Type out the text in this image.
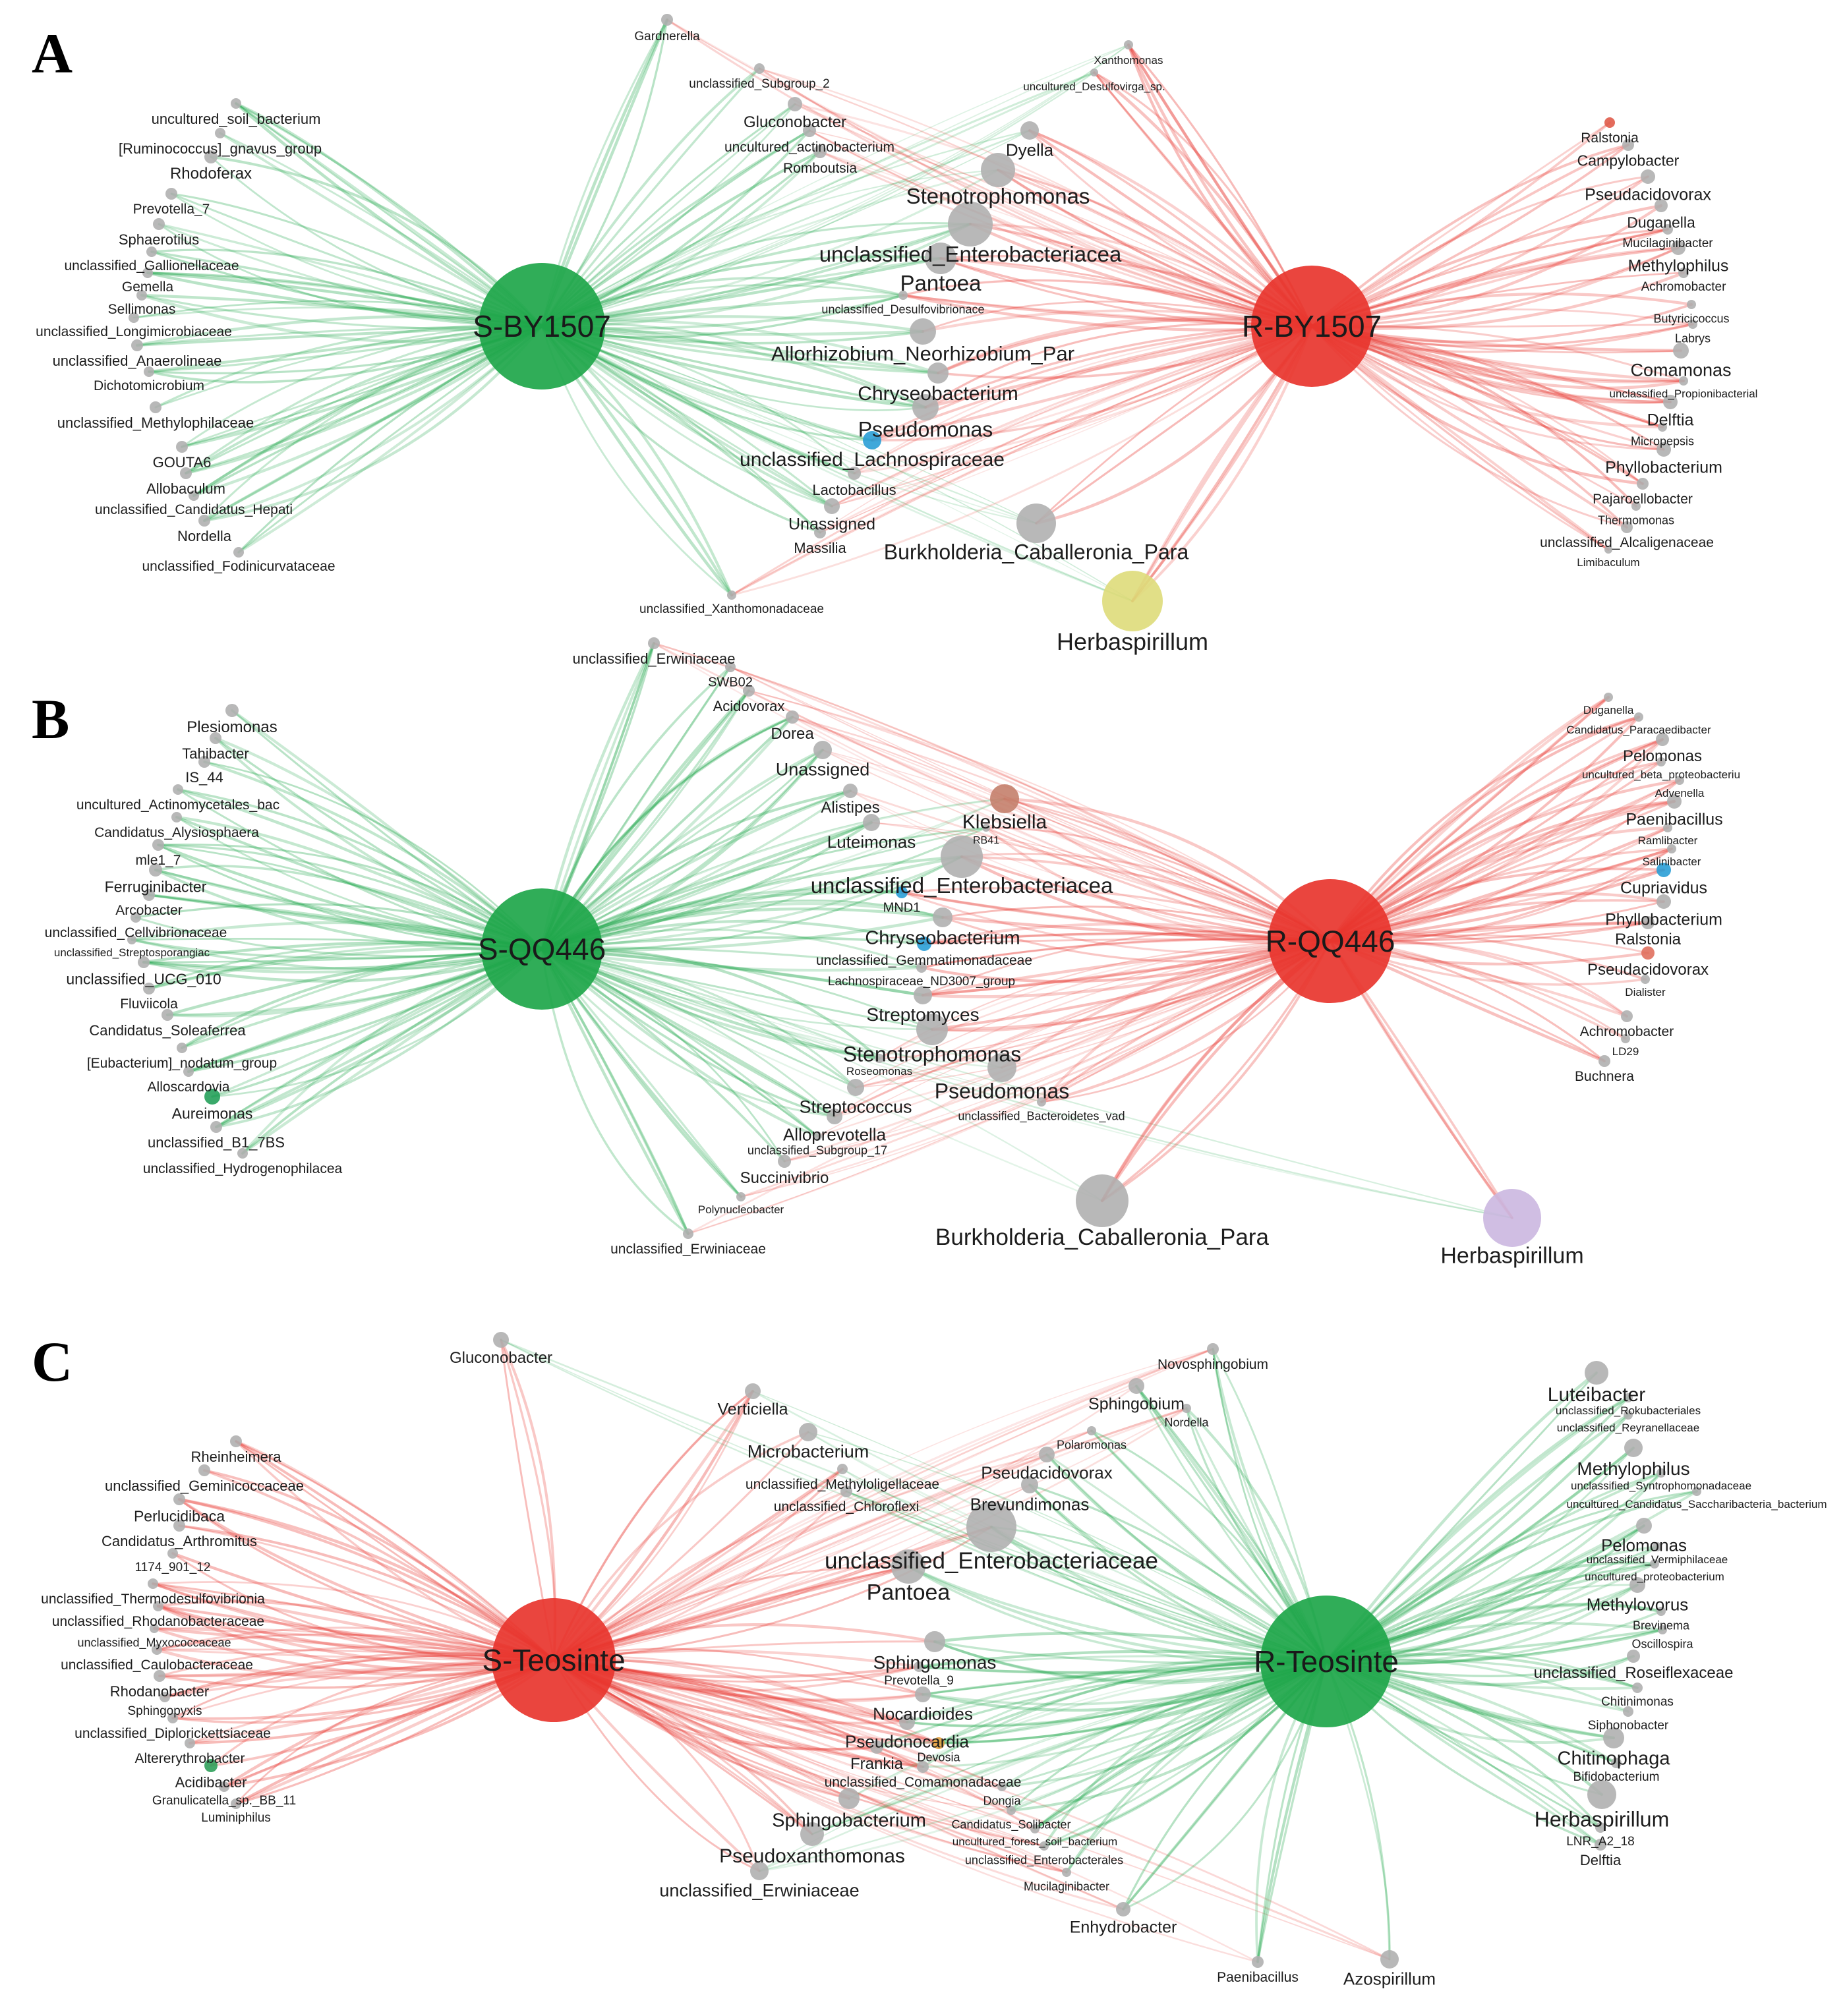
A
S-BY1507	R-BY1507
Gardnerella
Xanthomonas
uncultured_Desulfovirga_sp.
unclassified_Subgroup_2
Gluconobacter
uncultured_actinobacterium
Romboutsia
Dyella
Stenotrophomonas
unclassified_Enterobacteriacea
Pantoea
unclassified_Desulfovibrionace
Allorhizobium_Neorhizobium_Par
Chryseobacterium
Pseudomonas
unclassified_Lachnospiraceae
Lactobacillus
Unassigned
Massilia Burkholderia_Caballeronia_Para
Herbaspirillum
unclassified_Xanthomonadaceae
uncultured_soil_bacterium
[Ruminococcus]_gnavus_group
Rhodoferax
Prevotella_7
Sphaerotilus
unclassified_Gallionellaceae
Gemella
Sellimonas
unclassified_Longimicrobiaceae
unclassified_Anaerolineae
Dichotomicrobium
unclassified_Methylophilaceae
GOUTA6
Allobaculum
unclassified_Candidatus_Hepati
Nordella
unclassified_Fodinicurvataceae
Ralstonia
Campylobacter
Pseudacidovorax
Duganella
Mucilaginibacter
Methylophilus
Achromobacter
Butyricicoccus
Labrys
Comamonas
unclassified_Propionibacterial
Delftia
Micropepsis
Phyllobacterium
Pajaroellobacter
Thermomonas
unclassified_Alcaligenaceae
Limibaculum
B
S-QQ446	R-QQ446
unclassified_Erwiniaceae
SWB02
Acidovorax
Dorea
Unassigned
Alistipes
Luteimonas
Klebsiella
RB41
unclassified_Enterobacteriacea
MND1
Chryseobacterium
unclassified_Gemmatimonadaceae
Lachnospiraceae_ND3007_group
Streptomyces
Stenotrophomonas
Roseomonas
Pseudomonas
Streptococcus
Alloprevotella
unclassified_Bacteroidetes_vad
unclassified_Subgroup_17
Succinivibrio
Polynucleobacter
unclassified_Erwiniaceae	Burkholderia_Caballeronia_Para
Herbaspirillum
Plesiomonas
Tahibacter
IS_44
uncultured_Actinomycetales_bac
Candidatus_Alysiosphaera
mle1_7
Ferruginibacter
Arcobacter
unclassified_Cellvibrionaceae
unclassified_Streptosporangiac
unclassified_UCG_010
Fluviicola
Candidatus_Soleaferrea
[Eubacterium]_nodatum_group
Alloscardovia
Aureimonas
unclassified_B1_7BS
unclassified_Hydrogenophilacea
Duganella
Candidatus_Paracaedibacter
Pelomonas
uncultured_beta_proteobacteriu
Advenella
Paenibacillus
Ramlibacter
Salinibacter
Cupriavidus
Phyllobacterium
Ralstonia
Pseudacidovorax
Dialister
Achromobacter
LD29
Buchnera
C
S-Teosinte	R-Teosinte
Gluconobacter	Novosphingobium
Sphingobium
Nordella
Verticiella
Microbacterium	Polaromonas
Pseudacidovorax
unclassified_Methyloligellaceae
Brevundimonas
unclassified_Chloroflexi
unclassified_Enterobacteriaceae
Pantoea
Luteibacter
unclassified_Rokubacteriales
unclassified_Reyranellaceae
Methylophilus
unclassified_Syntrophomonadaceae
uncultured_Candidatus_Saccharibacteria_bacterium
Pelomonas
unclassified_Vermiphilaceae
uncultured_proteobacterium
Methylovorus
Brevinema
Oscillospira
unclassified_Roseiflexaceae
Chitinimonas
Siphonobacter
Chitinophaga
Bifidobacterium
Herbaspirillum
LNR_A2_18
Delftia
Sphingomonas
Prevotella_9
Nocardioides
Pseudonocardia
Frankia Devosia
unclassified_Comamonadaceae
Dongia
Sphingobacterium Candidatus_Solibacter
uncultured_forest_soil_bacterium
Pseudoxanthomonas	unclassified_Enterobacterales
unclassified_Erwiniaceae	Mucilaginibacter
Enhydrobacter
Paenibacillus	Azospirillum
Rheinheimera
unclassified_Geminicoccaceae
Perlucidibaca
Candidatus_Arthromitus
1174_901_12
unclassified_Thermodesulfovibrionia
unclassified_Rhodanobacteraceae
unclassified_Myxococcaceae
unclassified_Caulobacteraceae
Rhodanobacter
Sphingopyxis
unclassified_Diplorickettsiaceae
Altererythrobacter
Acidibacter
Granulicatella_sp._BB_11
Luminiphilus
